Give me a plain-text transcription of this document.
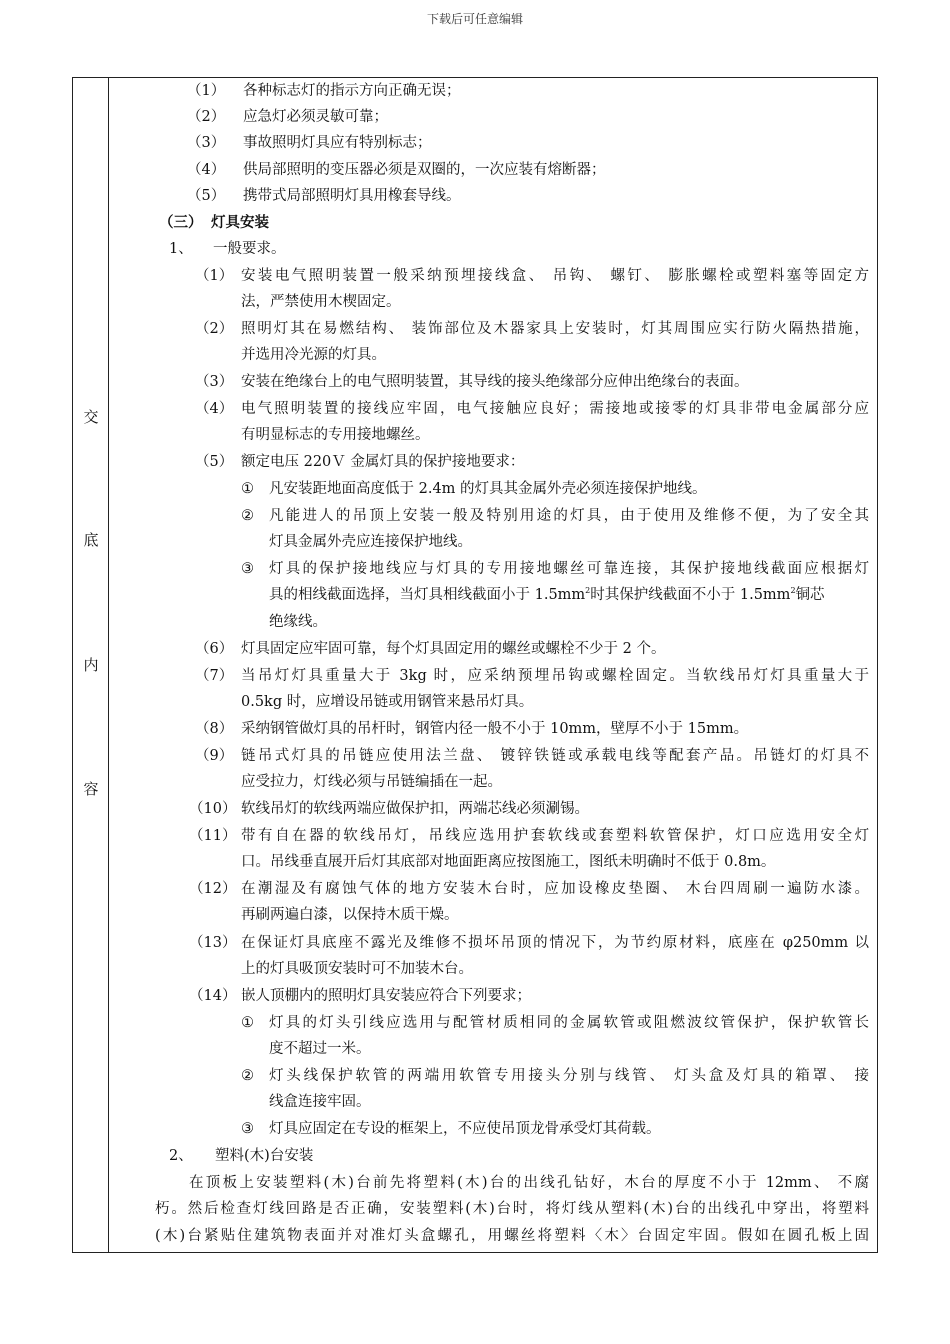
下载后可任意编辑
交
底
内
容
（1） 各种标志灯的指示方向正确无误；
（2） 应急灯必须灵敏可靠；
（3） 事故照明灯具应有特别标志；
（4） 供局部照明的变压器必须是双圈的，一次应装有熔断器；
（5） 携带式局部照明灯具用橡套导线。
（三） 灯具安装
1、 一般要求。
（1） 安装电气照明装置一般采纳预埋接线盒、 吊钩、 螺钉、 膨胀螺栓或塑料塞等固定方
法，严禁使用木楔固定。
（2） 照明灯其在易燃结构、 装饰部位及木器家具上安装时，灯其周围应实行防火隔热措施，
并选用冷光源的灯具。
（3） 安装在绝缘台上的电气照明装置，其导线的接头绝缘部分应伸出绝缘台的表面。
（4） 电气照明装置的接线应牢固，电气接触应良好；需接地或接零的灯具非带电金属部分应
有明显标志的专用接地螺丝。
（5） 额定电压 220Ｖ 金属灯具的保护接地要求：
① 凡安装距地面高度低于 2.4m 的灯具其金属外壳必须连接保护地线。
② 凡能进人的吊顶上安装一般及特别用途的灯具，由于使用及维修不便，为了安全其
灯具金属外壳应连接保护地线。
③ 灯具的保护接地线应与灯具的专用接地螺丝可靠连接，其保护接地线截面应根据灯
具的相线截面选择，当灯具相线截面小于 $1.5mm^2$时其保护线截面不小于 $1.5mm^2$铜芯
绝缘线。
（6） 灯具固定应牢固可靠，每个灯具固定用的螺丝或螺栓不少于 2 个。
（7） 当吊灯灯具重量大于 3kg 时，应采纳预埋吊钩或螺栓固定。当软线吊灯灯具重量大于
0.5kg 时，应增设吊链或用钢管来悬吊灯具。
（8） 采纳钢管做灯具的吊杆时，钢管内径一般不小于 10mm，壁厚不小于 15mm。
（9） 链吊式灯具的吊链应使用法兰盘、 镀锌铁链或承载电线等配套产品。吊链灯的灯具不
应受拉力，灯线必须与吊链编插在一起。
（10） 软线吊灯的软线两端应做保护扣，两端芯线必须涮锡。
（11） 带有自在器的软线吊灯，吊线应选用护套软线或套塑料软管保护，灯口应选用安全灯
口。吊线垂直展开后灯其底部对地面距离应按图施工，图纸未明确时不低于 0.8m。
（12） 在潮湿及有腐蚀气体的地方安装木台时，应加设橡皮垫圈、 木台四周刷一遍防水漆。
再刷两遍白漆，以保持木质干燥。
（13） 在保证灯具底座不露光及维修不损坏吊顶的情况下，为节约原材料，底座在 φ250mm 以
上的灯具吸顶安装时可不加装木台。
（14） 嵌人顶棚内的照明灯具安装应符合下列要求；
① 灯具的灯头引线应选用与配管材质相同的金属软管或阻燃波纹管保护，保护软管长
度不超过一米。
② 灯头线保护软管的两端用软管专用接头分别与线管、 灯头盒及灯具的箱罩、 接
线盒连接牢固。
③ 灯具应固定在专设的框架上，不应使吊顶龙骨承受灯其荷载。
2、 塑料(木)台安装
在顶板上安装塑料(木)台前先将塑料(木)台的出线孔钻好，木台的厚度不小于 12mm、 不腐
朽。然后检查灯线回路是否正确，安装塑料(木)台时，将灯线从塑料(木)台的出线孔中穿出，将塑料
(木)台紧贴住建筑物表面并对准灯头盒螺孔，用螺丝将塑料〈木〉台固定牢固。假如在圆孔板上固
